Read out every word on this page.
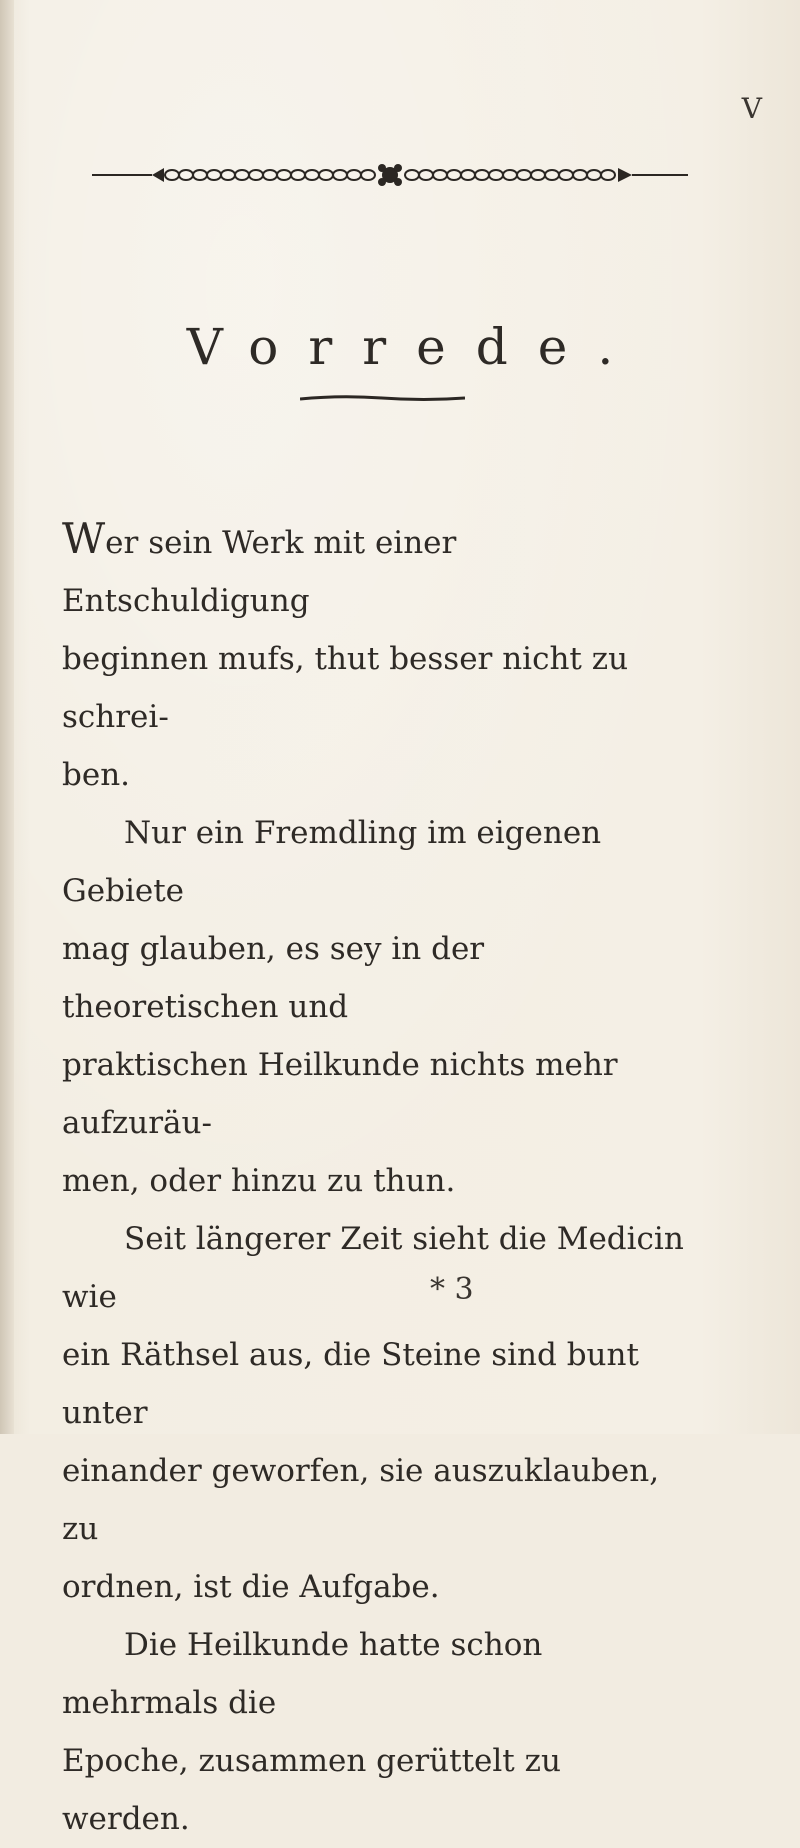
V
Vorrede.

Wer sein Werk mit einer Entschuldigung
beginnen mufs, thut besser nicht zu schrei-
ben.

Nur ein Fremdling im eigenen Gebiete
mag glauben, es sey in der theoretischen und
praktischen Heilkunde nichts mehr aufzuräu-
men, oder hinzu zu thun.

Seit längerer Zeit sieht die Medicin wie
ein Räthsel aus, die Steine sind bunt unter
einander geworfen, sie auszuklauben, zu
ordnen, ist die Aufgabe.

Die Heilkunde hatte schon mehrmals die
Epoche, zusammen gerüttelt zu werden.

* 3
